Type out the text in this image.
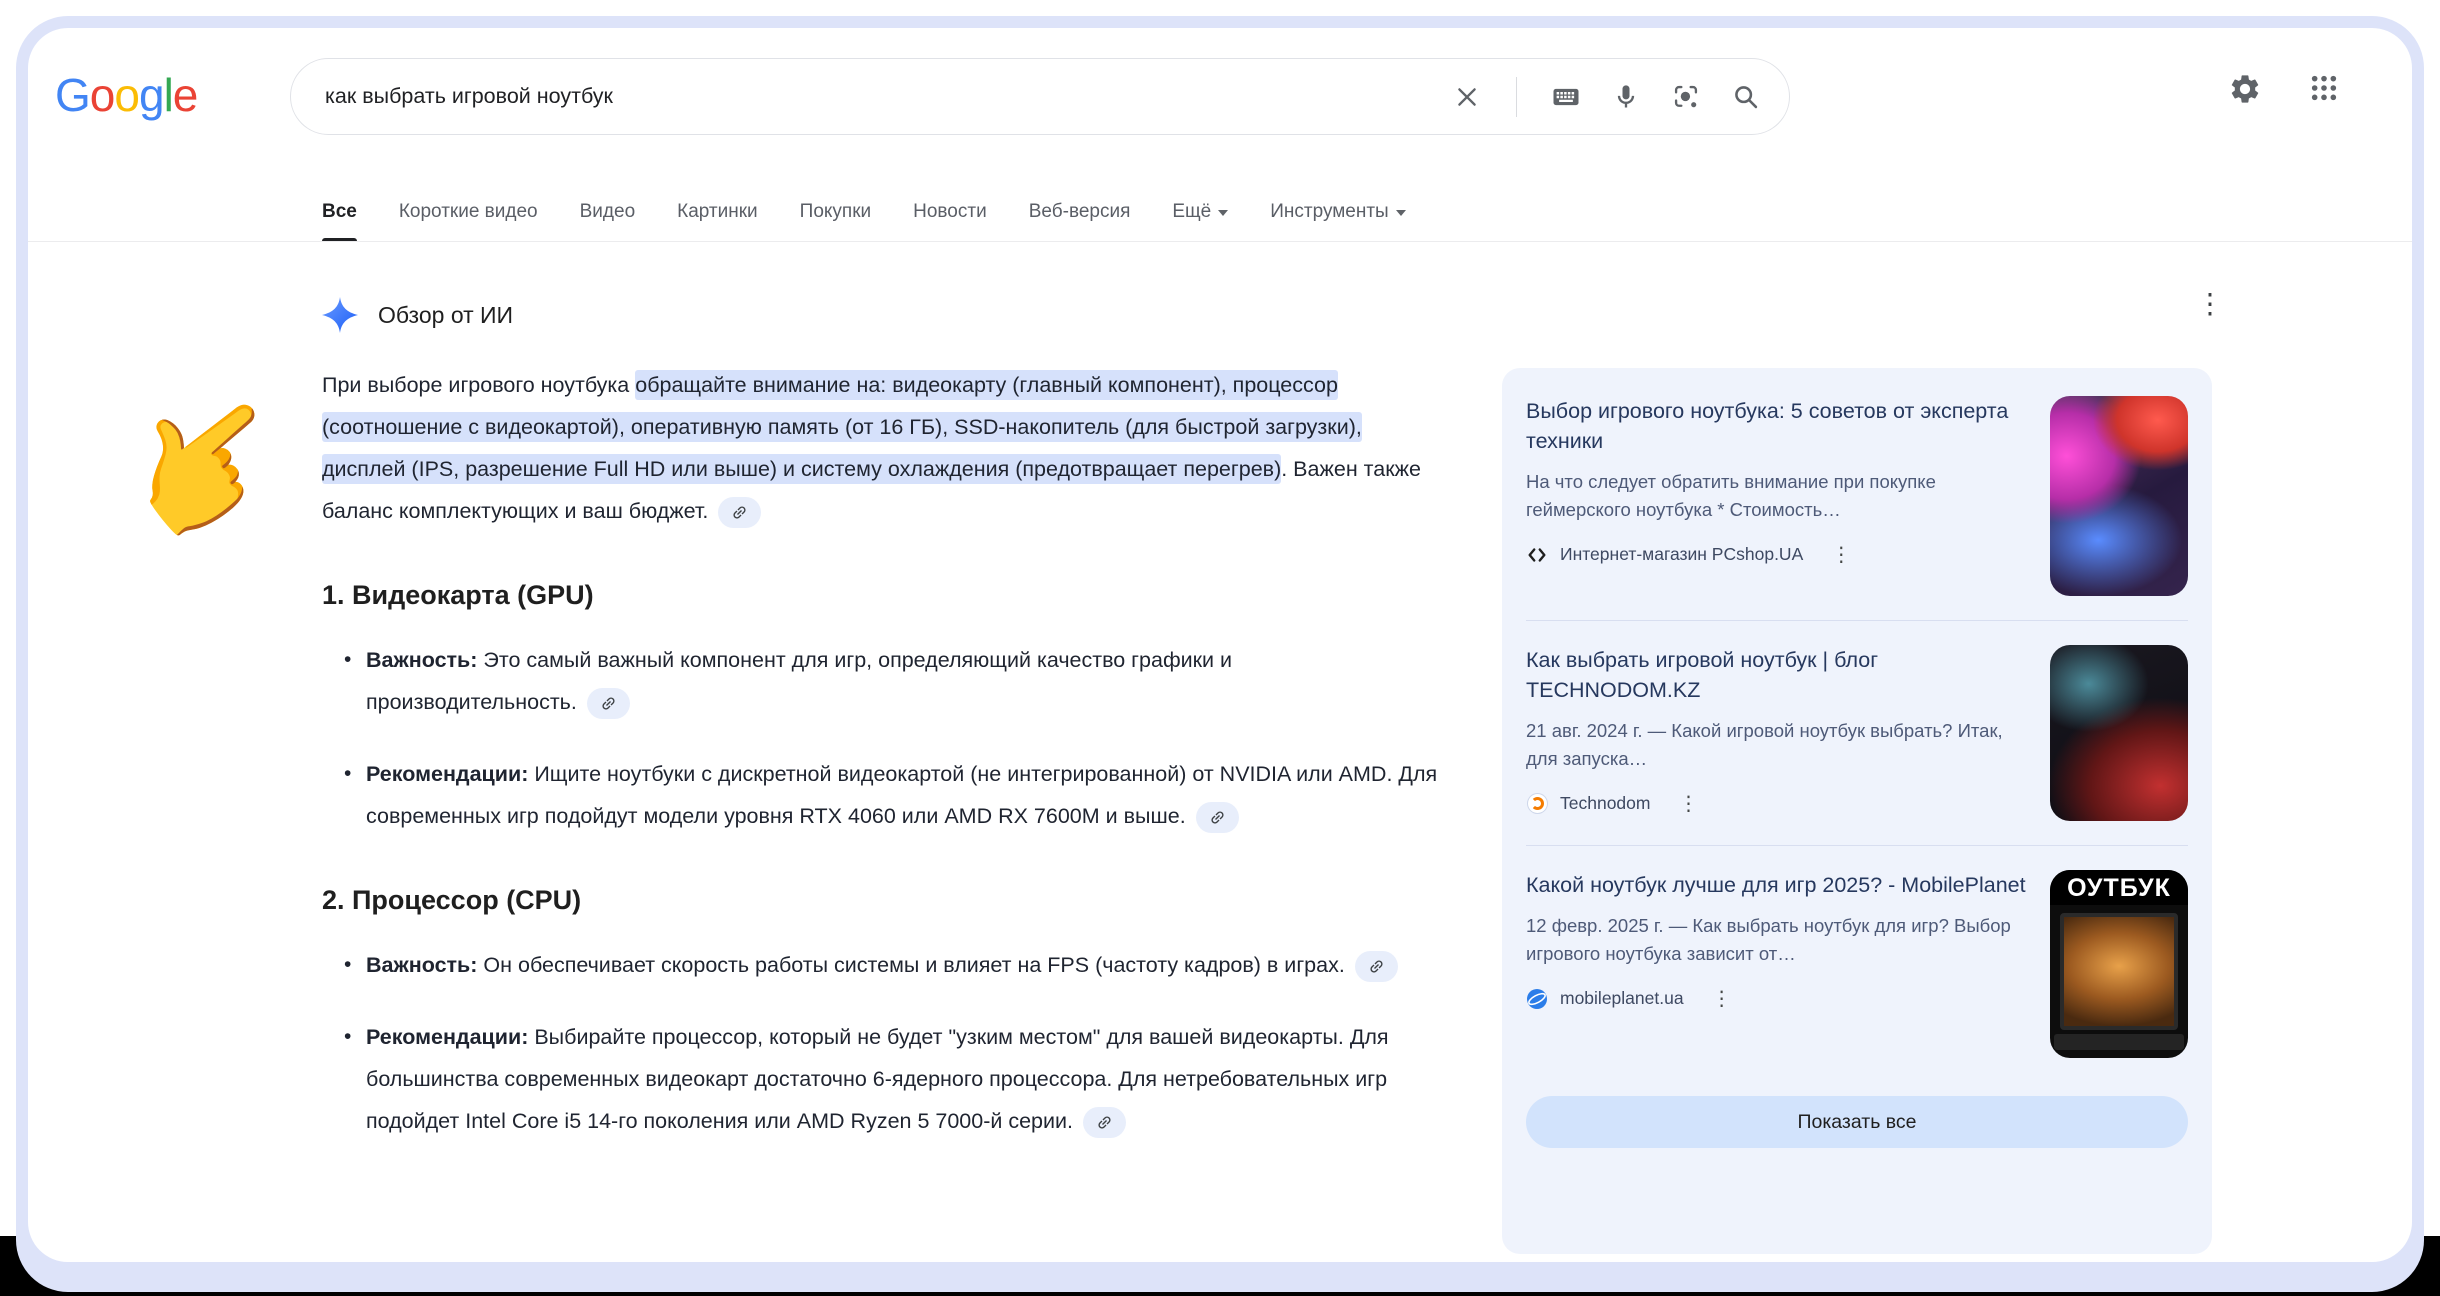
Google
как выбрать игровой ноутбук
Все Короткие видео Видео Картинки Покупки Новости Веб-версия Ещё	Инструменты
⋮
👉
Обзор от ИИ

При выборе игрового ноутбука обращайте внимание на: видеокарту (главный компонент), процессор (соотношение с видеокартой), оперативную память (от 16 ГБ), SSD-накопитель (для быстрой загрузки), дисплей (IPS, разрешение Full HD или выше) и систему охлаждения (предотвращает перегрев). Важен также баланс комплектующих и ваш бюджет.

1. Видеокарта (GPU)
• Важность: Это самый важный компонент для игр, определяющий качество графики и производительность.
• Рекомендации: Ищите ноутбуки с дискретной видеокартой (не интегрированной) от NVIDIA или AMD. Для современных игр подойдут модели уровня RTX 4060 или AMD RX 7600M и выше.
2. Процессор (CPU)
• Важность: Он обеспечивает скорость работы системы и влияет на FPS (частоту кадров) в играх.
• Рекомендации: Выбирайте процессор, который не будет "узким местом" для вашей видеокарты. Для большинства современных видеокарт достаточно 6-ядерного процессора. Для нетребовательных игр подойдет Intel Core i5 14-го поколения или AMD Ryzen 5 7000-й серии.
Выбор игрового ноутбука: 5 советов от эксперта техники
На что следует обратить внимание при покупке геймерского ноутбука * Стоимость…
Интернет-магазин PCshop.UA ⋮
Как выбрать игровой ноутбук | блог TECHNODOM.KZ
21 авг. 2024 г. — Какой игровой ноутбук выбрать? Итак, для запуска…
Technodom ⋮
Какой ноутбук лучше для игр 2025? - MobilePlanet
12 февр. 2025 г. — Как выбрать ноутбук для игр? Выбор игрового ноутбука зависит от…
mobileplanet.ua ⋮
ОУТБУК
Показать все
